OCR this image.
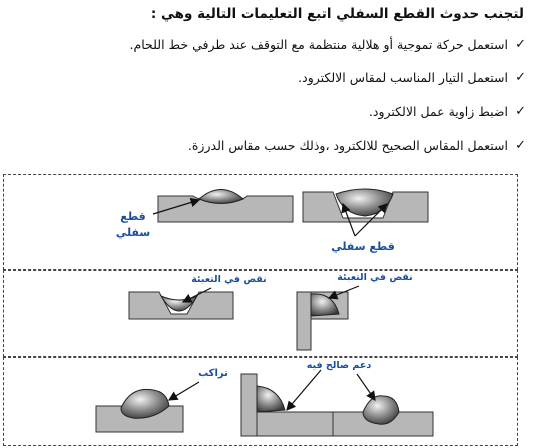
لتجنب حدوث القطع السفلي اتبع التعليمات التالية وهي :
✓
استعمل حركة تموجية أو هلالية منتظمة مع التوقف عند طرفي خط اللحام.
✓
استعمل التيار المناسب لمقاس الالكترود.
✓
اضبط زاوية عمل الالكترود.
✓
استعمل المقاس الصحيح للالكترود ،وذلك حسب مقاس الدرزة.
قطع
سفلي
قطع سفلي
نقص في التعبئة	نقص في التعبئة
تراكب
دعم صالح فيه
